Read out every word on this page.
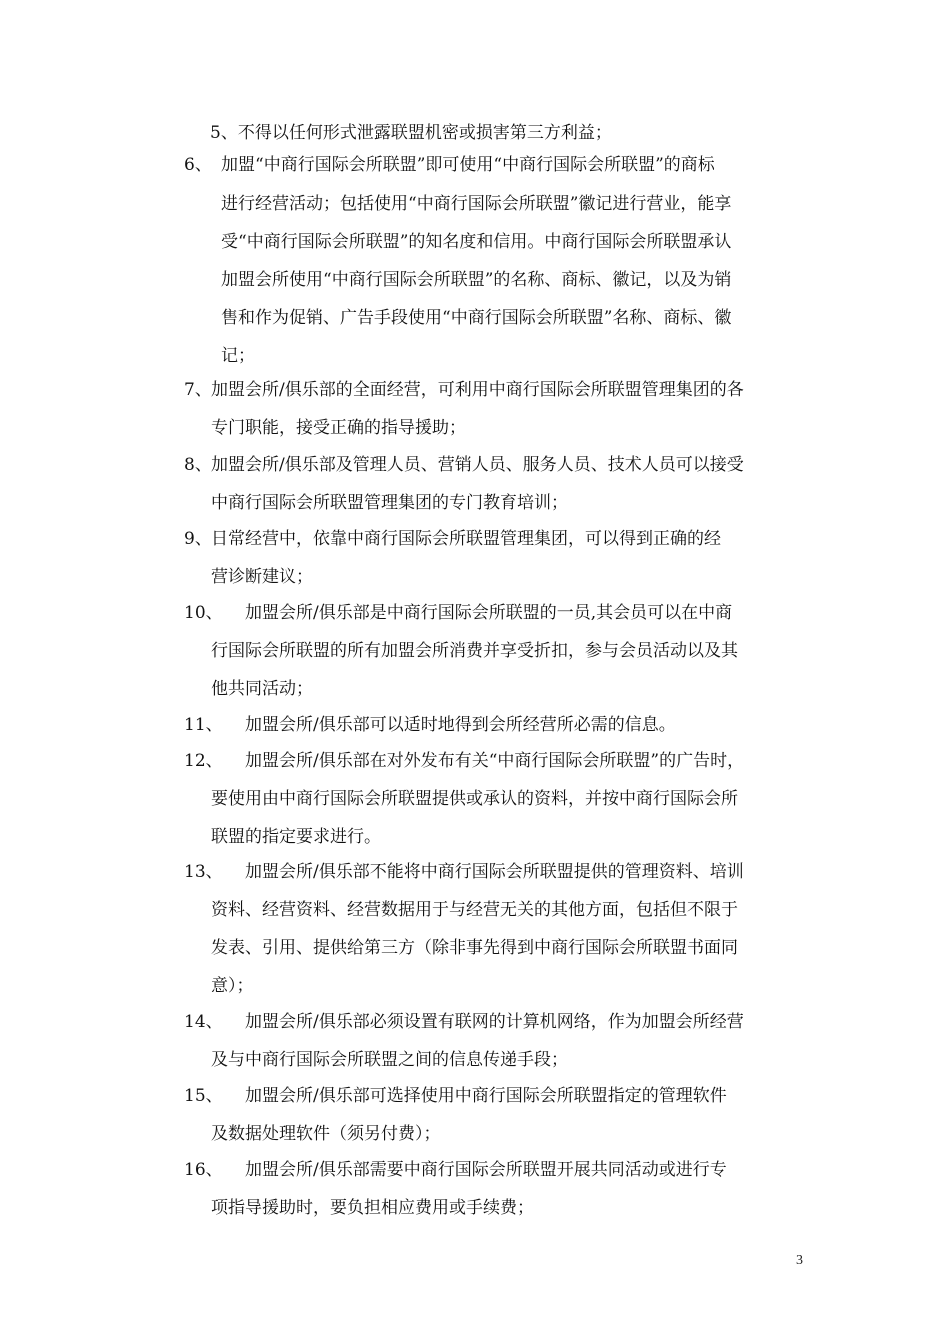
5、不得以任何形式泄露联盟机密或损害第三方利益；
6、 加盟“中商行国际会所联盟”即可使用“中商行国际会所联盟”的商标
进行经营活动；包括使用“中商行国际会所联盟”徽记进行营业，能享
受“中商行国际会所联盟”的知名度和信用。中商行国际会所联盟承认
加盟会所使用“中商行国际会所联盟”的名称、商标、徽记，以及为销
售和作为促销、广告手段使用“中商行国际会所联盟”名称、商标、徽
记；
7、 加盟会所/俱乐部的全面经营，可利用中商行国际会所联盟管理集团的各
专门职能，接受正确的指导援助；
8、 加盟会所/俱乐部及管理人员、营销人员、服务人员、技术人员可以接受
中商行国际会所联盟管理集团的专门教育培训；
9、 日常经营中，依靠中商行国际会所联盟管理集团，可以得到正确的经
营诊断建议；
10、 加盟会所/俱乐部是中商行国际会所联盟的一员,其会员可以在中商
行国际会所联盟的所有加盟会所消费并享受折扣，参与会员活动以及其
他共同活动；
11、 加盟会所/俱乐部可以适时地得到会所经营所必需的信息。
12、 加盟会所/俱乐部在对外发布有关“中商行国际会所联盟”的广告时，
要使用由中商行国际会所联盟提供或承认的资料，并按中商行国际会所
联盟的指定要求进行。
13、 加盟会所/俱乐部不能将中商行国际会所联盟提供的管理资料、培训
资料、经营资料、经营数据用于与经营无关的其他方面，包括但不限于
发表、引用、提供给第三方（除非事先得到中商行国际会所联盟书面同
意）；
14、 加盟会所/俱乐部必须设置有联网的计算机网络，作为加盟会所经营
及与中商行国际会所联盟之间的信息传递手段；
15、 加盟会所/俱乐部可选择使用中商行国际会所联盟指定的管理软件
及数据处理软件（须另付费）；
16、 加盟会所/俱乐部需要中商行国际会所联盟开展共同活动或进行专
项指导援助时，要负担相应费用或手续费；
3
